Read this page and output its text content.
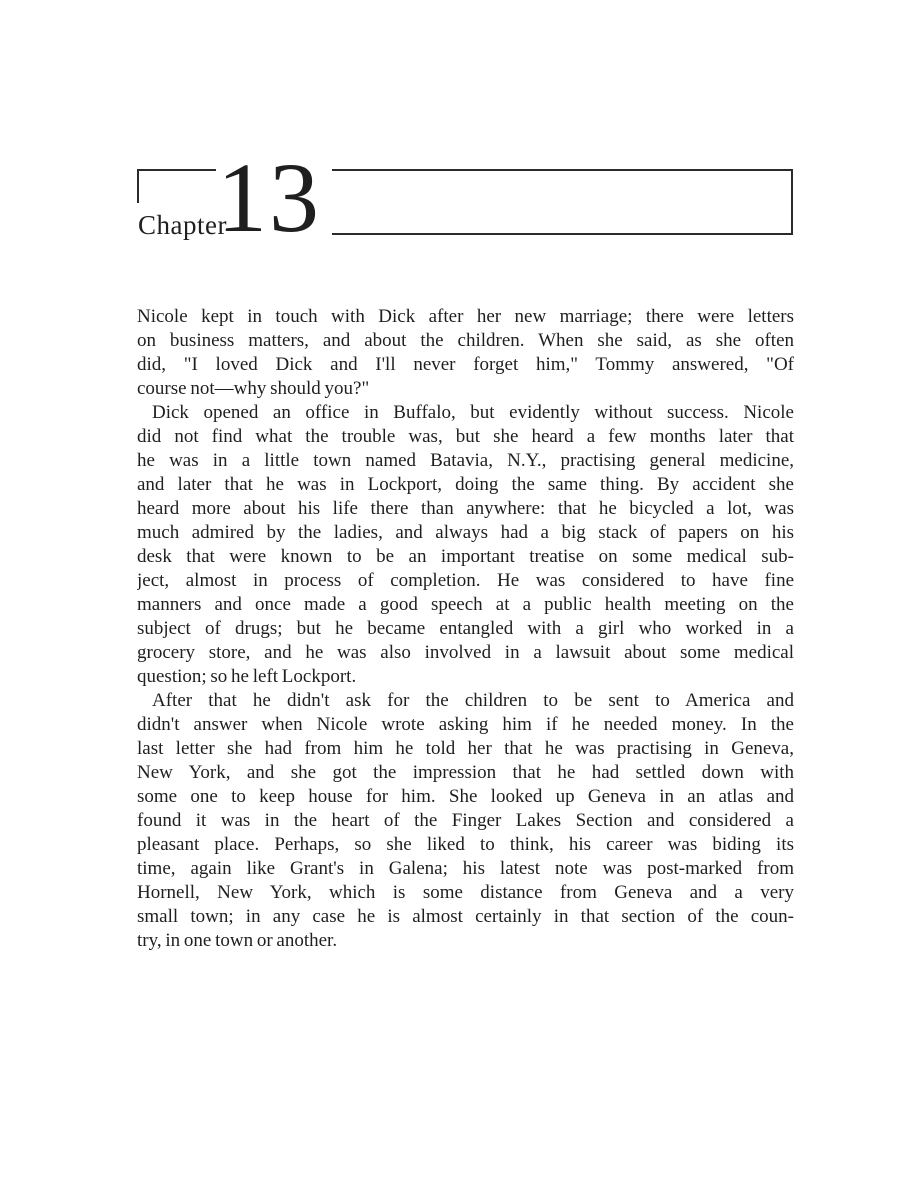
Chapter
13
Nicole kept in touch with Dick after her new marriage; there were letters
on business matters, and about the children. When she said, as she often
did, "I loved Dick and I'll never forget him," Tommy answered, "Of
course not—why should you?"
Dick opened an office in Buffalo, but evidently without success. Nicole
did not find what the trouble was, but she heard a few months later that
he was in a little town named Batavia, N.Y., practising general medicine,
and later that he was in Lockport, doing the same thing. By accident she
heard more about his life there than anywhere: that he bicycled a lot, was
much admired by the ladies, and always had a big stack of papers on his
desk that were known to be an important treatise on some medical sub-
ject, almost in process of completion. He was considered to have fine
manners and once made a good speech at a public health meeting on the
subject of drugs; but he became entangled with a girl who worked in a
grocery store, and he was also involved in a lawsuit about some medical
question; so he left Lockport.
After that he didn't ask for the children to be sent to America and
didn't answer when Nicole wrote asking him if he needed money. In the
last letter she had from him he told her that he was practising in Geneva,
New York, and she got the impression that he had settled down with
some one to keep house for him. She looked up Geneva in an atlas and
found it was in the heart of the Finger Lakes Section and considered a
pleasant place. Perhaps, so she liked to think, his career was biding its
time, again like Grant's in Galena; his latest note was post-marked from
Hornell, New York, which is some distance from Geneva and a very
small town; in any case he is almost certainly in that section of the coun-
try, in one town or another.
